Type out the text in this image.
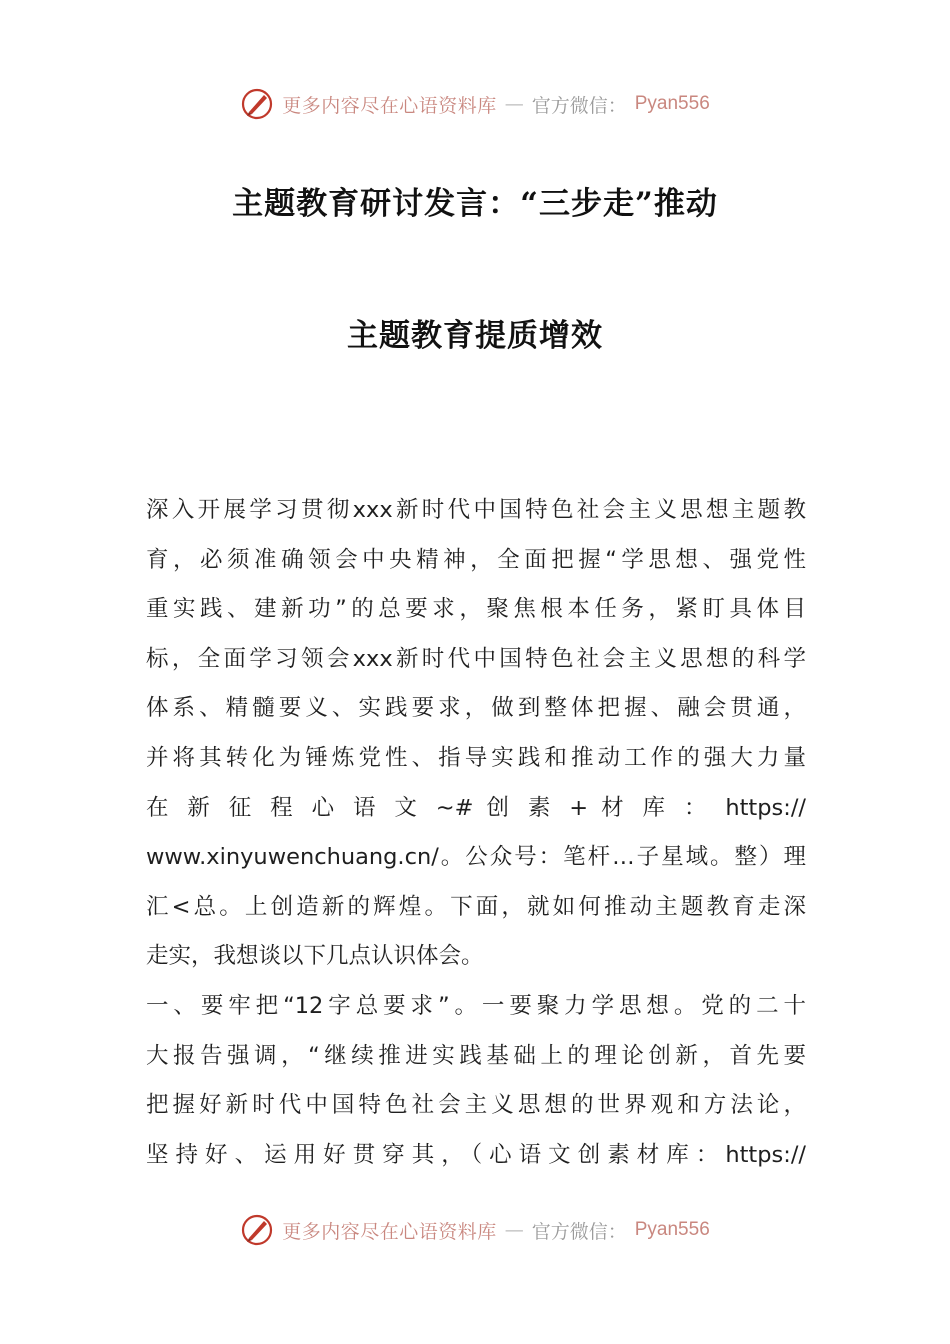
更多内容尽在心语资料库 — 官方微信： Pyan556
主题教育研讨发言：“三步走”推动
主题教育提质增效
深入开展学习贯彻xxx新时代中国特色社会主义思想主题教
育，必须准确领会中央精神，全面把握“学思想、强党性
重实践、建新功”的总要求，聚焦根本任务，紧盯具体目
标，全面学习领会xxx新时代中国特色社会主义思想的科学
体系、精髓要义、实践要求，做到整体把握、融会贯通，
并将其转化为锤炼党性、指导实践和推动工作的强大力量
在 新 征 程 心 语 文 ~# 创 素 + 材 库 ： https://
www.xinyuwenchuang.cn/。公众号：笔杆…子星域。整）理
汇<总。上创造新的辉煌。下面，就如何推动主题教育走深
走实，我想谈以下几点认识体会。
一、要牢把“12字总要求”。一要聚力学思想。党的二十
大报告强调，“继续推进实践基础上的理论创新，首先要
把握好新时代中国特色社会主义思想的世界观和方法论，
坚持好、运用好贯穿其，（心语文创素材库：https://
更多内容尽在心语资料库 — 官方微信： Pyan556
